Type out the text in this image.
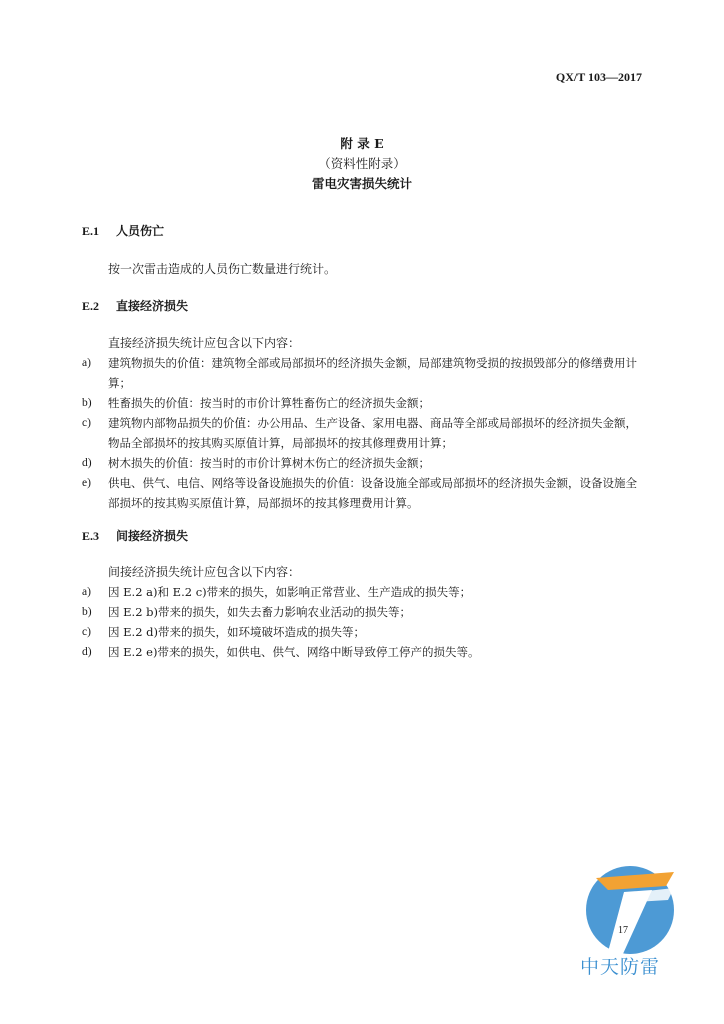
QX/T 103—2017
附 录 E
（资料性附录）
雷电灾害损失统计
E.1 人员伤亡
按一次雷击造成的人员伤亡数量进行统计。
E.2 直接经济损失
直接经济损失统计应包含以下内容：
a)	建筑物损失的价值：建筑物全部或局部损坏的经济损失金额，局部建筑物受损的按损毁部分的修缮费用计算；
b)	牲畜损失的价值：按当时的市价计算牲畜伤亡的经济损失金额；
c)	建筑物内部物品损失的价值：办公用品、生产设备、家用电器、商品等全部或局部损坏的经济损失金额，物品全部损坏的按其购买原值计算，局部损坏的按其修理费用计算；
d)	树木损失的价值：按当时的市价计算树木伤亡的经济损失金额；
e)	供电、供气、电信、网络等设备设施损失的价值：设备设施全部或局部损坏的经济损失金额，设备设施全部损坏的按其购买原值计算，局部损坏的按其修理费用计算。
E.3 间接经济损失
间接经济损失统计应包含以下内容：
a)	因 E.2 a)和 E.2 c)带来的损失，如影响正常营业、生产造成的损失等；
b)	因 E.2 b)带来的损失，如失去畜力影响农业活动的损失等；
c)	因 E.2 d)带来的损失，如环境破坏造成的损失等；
d)	因 E.2 e)带来的损失，如供电、供气、网络中断导致停工停产的损失等。
17
中天防雷
